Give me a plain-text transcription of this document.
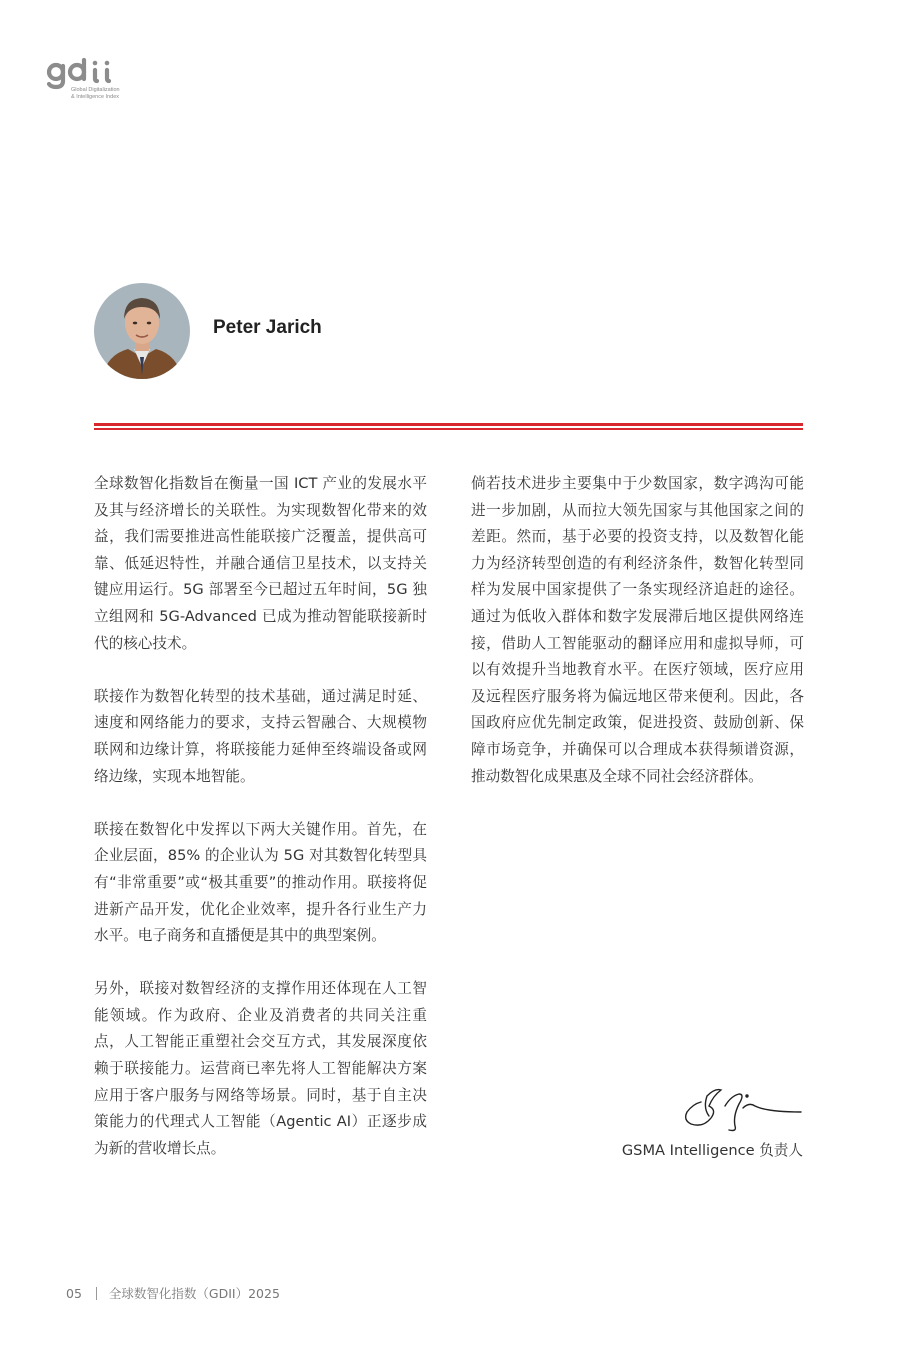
Global Digitalization
& Intelligence Index
Peter Jarich

全球数智化指数旨在衡量一国 ICT 产业的发展水平及其与经济增长的关联性。为实现数智化带来的效益，我们需要推进高性能联接广泛覆盖，提供高可靠、低延迟特性，并融合通信卫星技术，以支持关键应用运行。5G 部署至今已超过五年时间，5G 独立组网和 5G-Advanced 已成为推动智能联接新时代的核心技术。

联接作为数智化转型的技术基础，通过满足时延、速度和网络能力的要求，支持云智融合、大规模物联网和边缘计算，将联接能力延伸至终端设备或网络边缘，实现本地智能。

联接在数智化中发挥以下两大关键作用。首先，在企业层面，85% 的企业认为 5G 对其数智化转型具有“非常重要”或“极其重要”的推动作用。联接将促进新产品开发，优化企业效率，提升各行业生产力水平。电子商务和直播便是其中的典型案例。

另外，联接对数智经济的支撑作用还体现在人工智能领域。作为政府、企业及消费者的共同关注重点，人工智能正重塑社会交互方式，其发展深度依赖于联接能力。运营商已率先将人工智能解决方案应用于客户服务与网络等场景。同时，基于自主决策能力的代理式人工智能（Agentic AI）正逐步成为新的营收增长点。

倘若技术进步主要集中于少数国家，数字鸿沟可能进一步加剧，从而拉大领先国家与其他国家之间的差距。然而，基于必要的投资支持，以及数智化能力为经济转型创造的有利经济条件，数智化转型同样为发展中国家提供了一条实现经济追赶的途径。通过为低收入群体和数字发展滞后地区提供网络连接，借助人工智能驱动的翻译应用和虚拟导师，可以有效提升当地教育水平。在医疗领域，医疗应用及远程医疗服务将为偏远地区带来便利。因此，各国政府应优先制定政策，促进投资、鼓励创新、保障市场竞争，并确保可以合理成本获得频谱资源，推动数智化成果惠及全球不同社会经济群体。

GSMA Intelligence 负责人
05 全球数智化指数（GDII）2025
